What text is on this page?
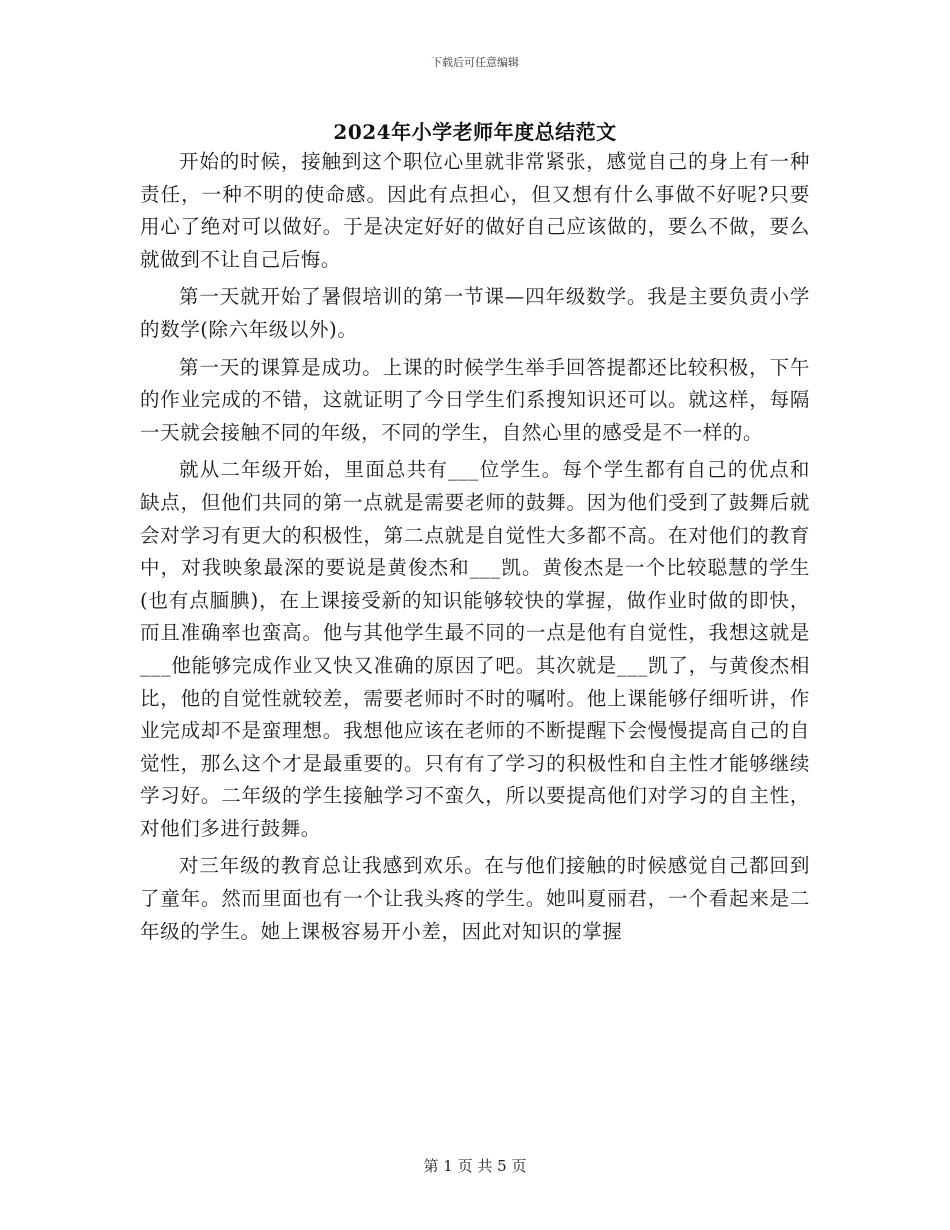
下载后可任意编辑
2024年小学老师年度总结范文

开始的时候，接触到这个职位心里就非常紧张，感觉自己的身上有一种责任，一种不明的使命感。因此有点担心，但又想有什么事做不好呢?只要用心了绝对可以做好。于是决定好好的做好自己应该做的，要么不做，要么就做到不让自己后悔。

第一天就开始了暑假培训的第一节课—四年级数学。我是主要负责小学的数学(除六年级以外)。

第一天的课算是成功。上课的时候学生举手回答提都还比较积极，下午的作业完成的不错，这就证明了今日学生们系搜知识还可以。就这样，每隔一天就会接触不同的年级，不同的学生，自然心里的感受是不一样的。

就从二年级开始，里面总共有___位学生。每个学生都有自己的优点和缺点，但他们共同的第一点就是需要老师的鼓舞。因为他们受到了鼓舞后就会对学习有更大的积极性，第二点就是自觉性大多都不高。在对他们的教育中，对我映象最深的要说是黄俊杰和___凯。黄俊杰是一个比较聪慧的学生(也有点腼腆)，在上课接受新的知识能够较快的掌握，做作业时做的即快，而且准确率也蛮高。他与其他学生最不同的一点是他有自觉性，我想这就是___他能够完成作业又快又准确的原因了吧。其次就是___凯了，与黄俊杰相比，他的自觉性就较差，需要老师时不时的嘱咐。他上课能够仔细听讲，作业完成却不是蛮理想。我想他应该在老师的不断提醒下会慢慢提高自己的自觉性，那么这个才是最重要的。只有有了学习的积极性和自主性才能够继续学习好。二年级的学生接触学习不蛮久，所以要提高他们对学习的自主性，对他们多进行鼓舞。

对三年级的教育总让我感到欢乐。在与他们接触的时候感觉自己都回到了童年。然而里面也有一个让我头疼的学生。她叫夏丽君，一个看起来是二年级的学生。她上课极容易开小差，因此对知识的掌握

第 1 页 共 5 页
